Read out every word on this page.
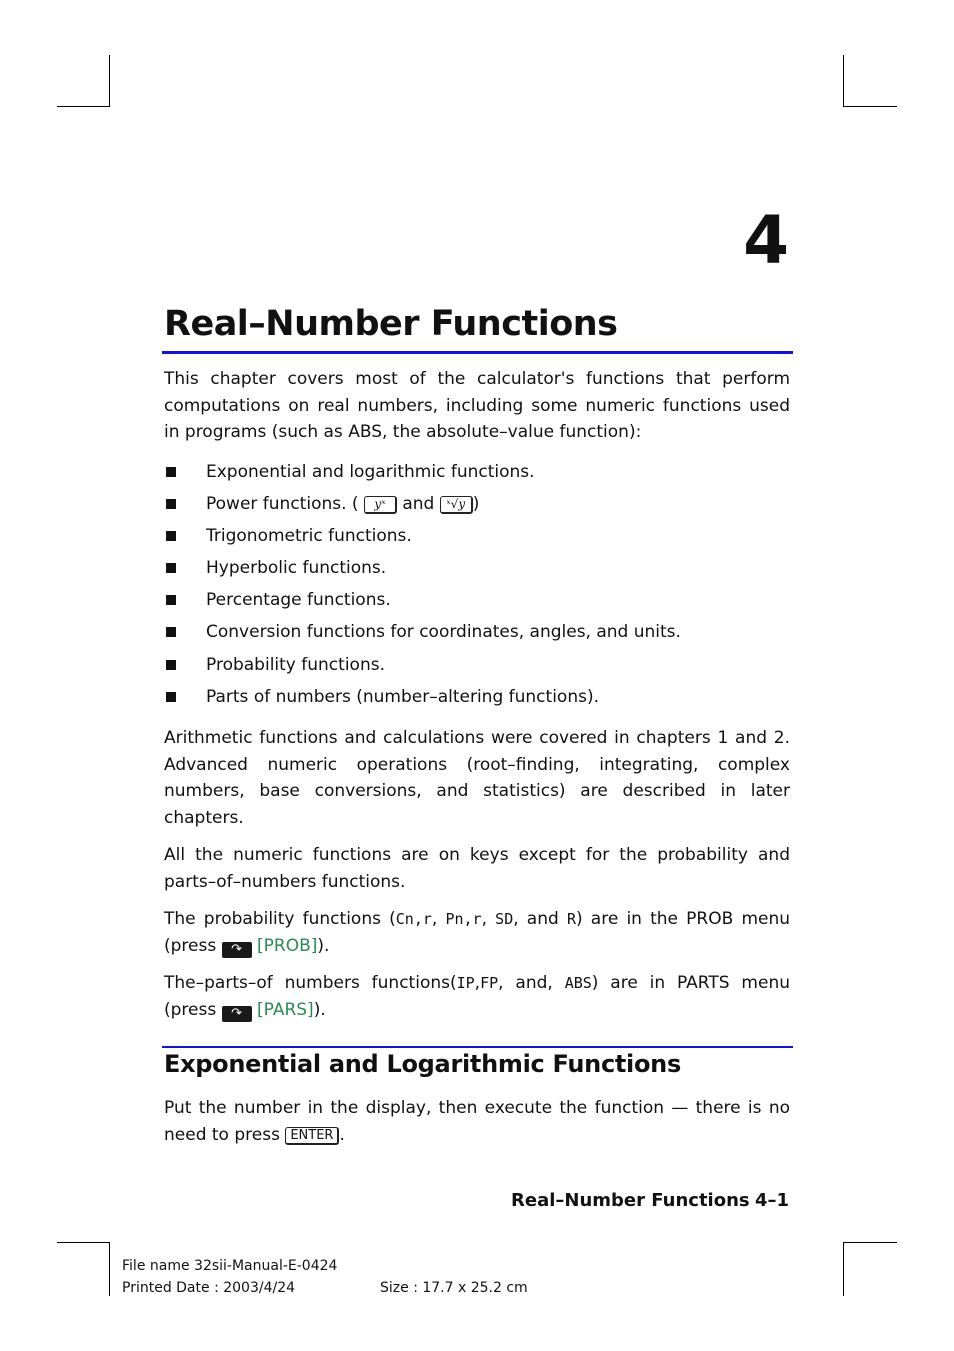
4
Real–Number Functions

This chapter covers most of the calculator's functions that perform computations on real numbers, including some numeric functions used in programs (such as ABS, the absolute–value function):

Exponential and logarithmic functions.
Power functions. ( yˣ and ˣ√y )
Trigonometric functions.
Hyperbolic functions.
Percentage functions.
Conversion functions for coordinates, angles, and units.
Probability functions.
Parts of numbers (number–altering functions).

Arithmetic functions and calculations were covered in chapters 1 and 2. Advanced numeric operations (root–finding, integrating, complex numbers, base conversions, and statistics) are described in later chapters.

All the numeric functions are on keys except for the probability and parts–of–numbers functions.

The probability functions (Cn,r, Pn,r, SD, and R) are in the PROB menu (press ↷ [PROB]).

The–parts–of numbers functions(IP,FP, and, ABS) are in PARTS menu (press ↷ [PARS]).

Exponential and Logarithmic Functions

Put the number in the display, then execute the function — there is no need to press ENTER .

Real–Number Functions 4–1
File name 32sii-Manual-E-0424
Printed Date : 2003/4/24	Size : 17.7 x 25.2 cm
